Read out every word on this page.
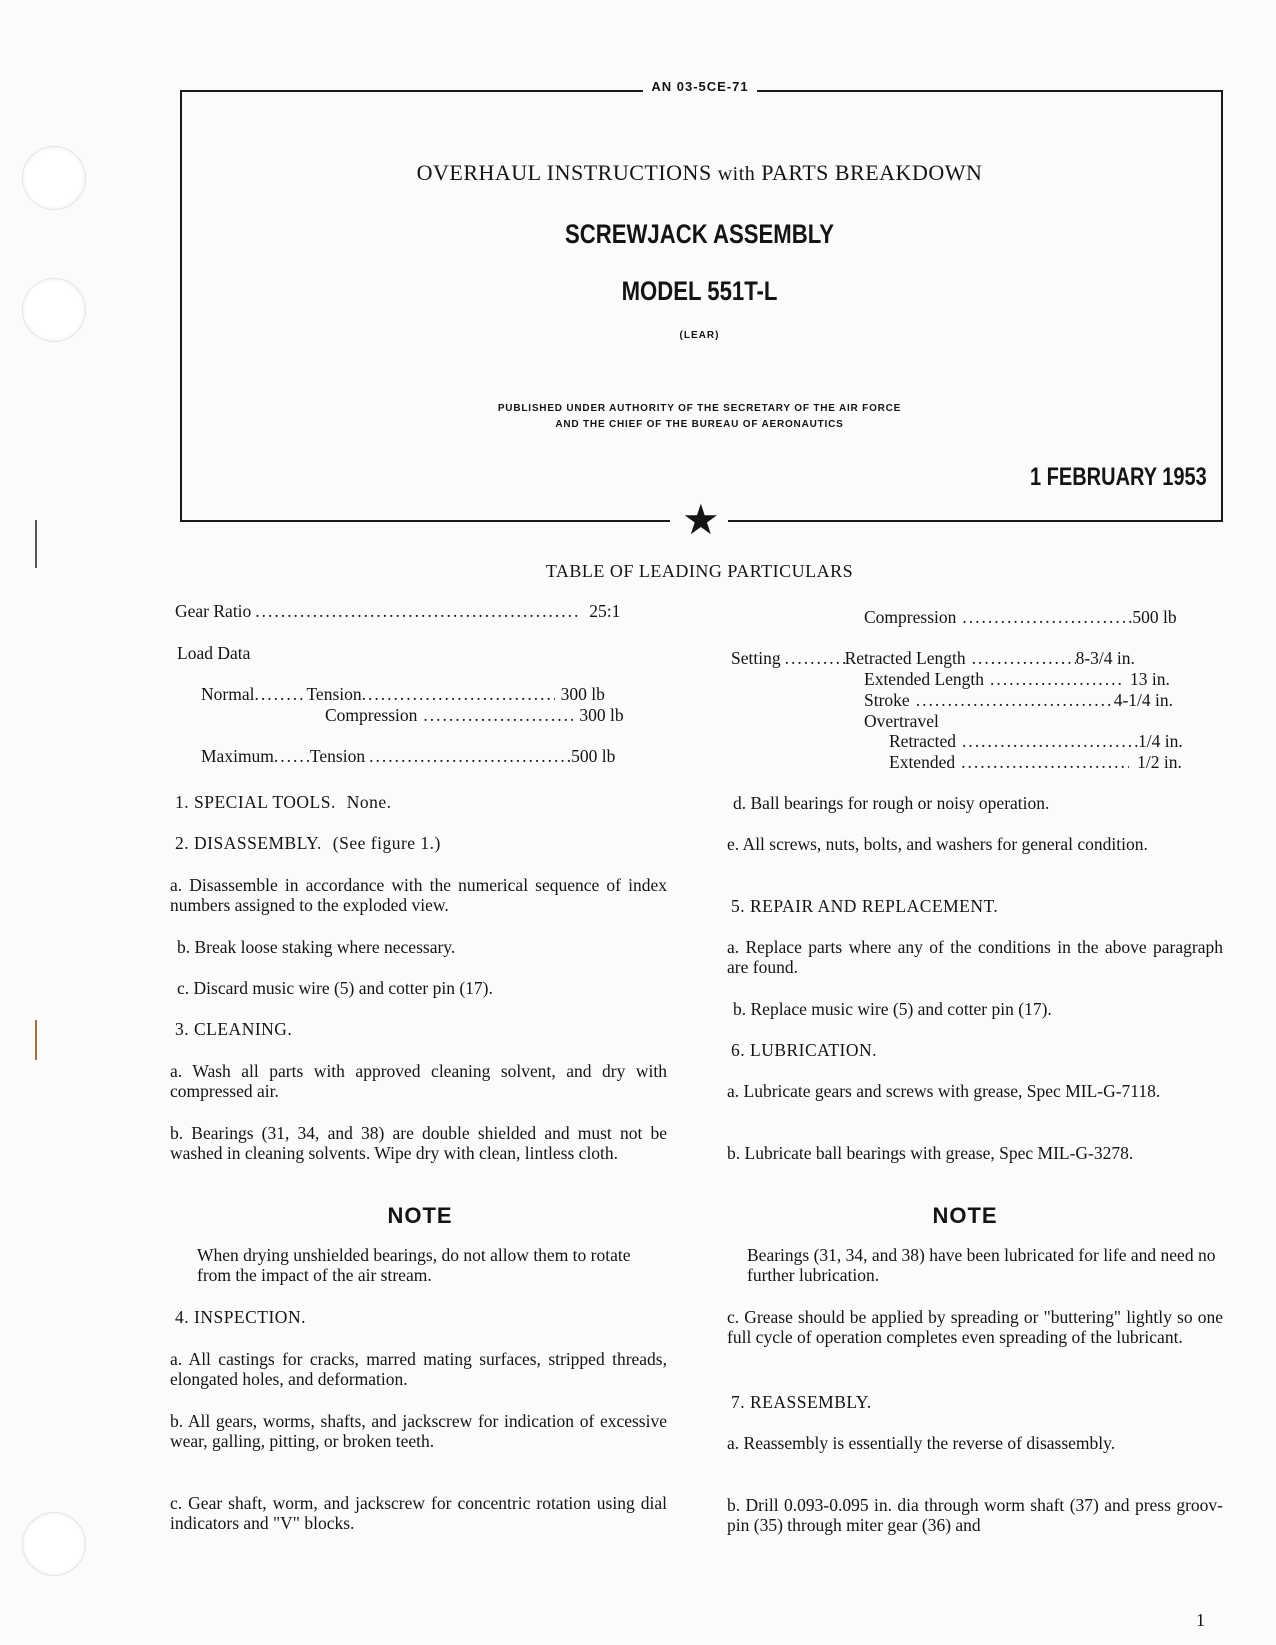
AN 03-5CE-71
OVERHAUL INSTRUCTIONS with PARTS BREAKDOWN
SCREWJACK ASSEMBLY
MODEL 551T-L
(LEAR)
PUBLISHED UNDER AUTHORITY OF THE SECRETARY OF THE AIR FORCE
AND THE CHIEF OF THE BUREAU OF AERONAUTICS
1 FEBRUARY 1953
★
TABLE OF LEADING PARTICULARS
Gear Ratio .....	25:1
Load Data
Normal .....	Tension .....	300 lb
Compression .....	300 lb
Maximum ..... Tension .....	500 lb
Compression .....	500 lb
Setting .....	Retracted Length .....	8-3/4 in.
Extended Length .....	13 in.
Stroke .....	4-1/4 in.
Overtravel
Retracted .....	1/4 in.
Extended .....	1/2 in.
1. SPECIAL TOOLS. None.
2. DISASSEMBLY. (See figure 1.)
a. Disassemble in accordance with the numerical sequence of index numbers assigned to the exploded view.
b. Break loose staking where necessary.
c. Discard music wire (5) and cotter pin (17).
3. CLEANING.
a. Wash all parts with approved cleaning solvent, and dry with compressed air.
b. Bearings (31, 34, and 38) are double shielded and must not be washed in cleaning solvents. Wipe dry with clean, lintless cloth.
NOTE
When drying unshielded bearings, do not allow them to rotate from the impact of the air stream.
4. INSPECTION.
a. All castings for cracks, marred mating surfaces, stripped threads, elongated holes, and deformation.
b. All gears, worms, shafts, and jackscrew for indication of excessive wear, galling, pitting, or broken teeth.
c. Gear shaft, worm, and jackscrew for concentric rotation using dial indicators and "V" blocks.
d. Ball bearings for rough or noisy operation.
e. All screws, nuts, bolts, and washers for general condition.
5. REPAIR AND REPLACEMENT.
a. Replace parts where any of the conditions in the above paragraph are found.
b. Replace music wire (5) and cotter pin (17).
6. LUBRICATION.
a. Lubricate gears and screws with grease, Spec MIL-G-7118.
b. Lubricate ball bearings with grease, Spec MIL-G-3278.
NOTE
Bearings (31, 34, and 38) have been lubricated for life and need no further lubrication.
c. Grease should be applied by spreading or "buttering" lightly so one full cycle of operation completes even spreading of the lubricant.
7. REASSEMBLY.
a. Reassembly is essentially the reverse of disassembly.
b. Drill 0.093-0.095 in. dia through worm shaft (37) and press groov-pin (35) through miter gear (36) and
1
